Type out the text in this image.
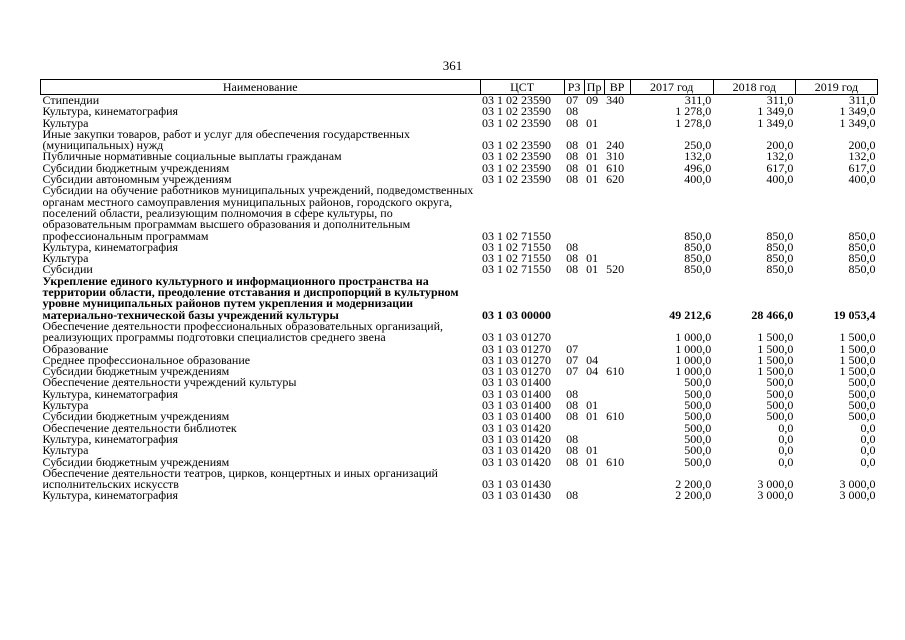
361
Наименование	ЦСТ	РЗ	Пр	ВР	2017 год	2018 год	2019 год
Стипендии	03 1 02 23590	07	09	340	311,0	311,0	311,0
Культура, кинематография	03 1 02 23590	08			1 278,0	1 349,0	1 349,0
Культура	03 1 02 23590	08	01		1 278,0	1 349,0	1 349,0
Иные закупки товаров, работ и услуг для обеспечения государственных (муниципальных) нужд	03 1 02 23590	08	01	240	250,0	200,0	200,0
Публичные нормативные социальные выплаты гражданам	03 1 02 23590	08	01	310	132,0	132,0	132,0
Субсидии бюджетным учреждениям	03 1 02 23590	08	01	610	496,0	617,0	617,0
Субсидии автономным учреждениям	03 1 02 23590	08	01	620	400,0	400,0	400,0
Субсидии на обучение работников муниципальных учреждений, подведомственных органам местного самоуправления муниципальных районов, городского округа, поселений области, реализующим полномочия в сфере культуры, по образовательным программам высшего образования и дополнительным профессиональным программам	03 1 02 71550				850,0	850,0	850,0
Культура, кинематография	03 1 02 71550	08			850,0	850,0	850,0
Культура	03 1 02 71550	08	01		850,0	850,0	850,0
Субсидии	03 1 02 71550	08	01	520	850,0	850,0	850,0
Укрепление единого культурного и информационного пространства на территории области, преодоление отставания и диспропорций в культурном уровне муниципальных районов путем укрепления и модернизации материально-технической базы учреждений культуры	03 1 03 00000				49 212,6	28 466,0	19 053,4
Обеспечение деятельности профессиональных образовательных организаций, реализующих программы подготовки специалистов среднего звена	03 1 03 01270				1 000,0	1 500,0	1 500,0
Образование	03 1 03 01270	07			1 000,0	1 500,0	1 500,0
Среднее профессиональное образование	03 1 03 01270	07	04		1 000,0	1 500,0	1 500,0
Субсидии бюджетным учреждениям	03 1 03 01270	07	04	610	1 000,0	1 500,0	1 500,0
Обеспечение деятельности учреждений культуры	03 1 03 01400				500,0	500,0	500,0
Культура, кинематография	03 1 03 01400	08			500,0	500,0	500,0
Культура	03 1 03 01400	08	01		500,0	500,0	500,0
Субсидии бюджетным учреждениям	03 1 03 01400	08	01	610	500,0	500,0	500,0
Обеспечение деятельности библиотек	03 1 03 01420				500,0	0,0	0,0
Культура, кинематография	03 1 03 01420	08			500,0	0,0	0,0
Культура	03 1 03 01420	08	01		500,0	0,0	0,0
Субсидии бюджетным учреждениям	03 1 03 01420	08	01	610	500,0	0,0	0,0
Обеспечение деятельности театров, цирков, концертных и иных организаций исполнительских искусств	03 1 03 01430				2 200,0	3 000,0	3 000,0
Культура, кинематография	03 1 03 01430	08			2 200,0	3 000,0	3 000,0
